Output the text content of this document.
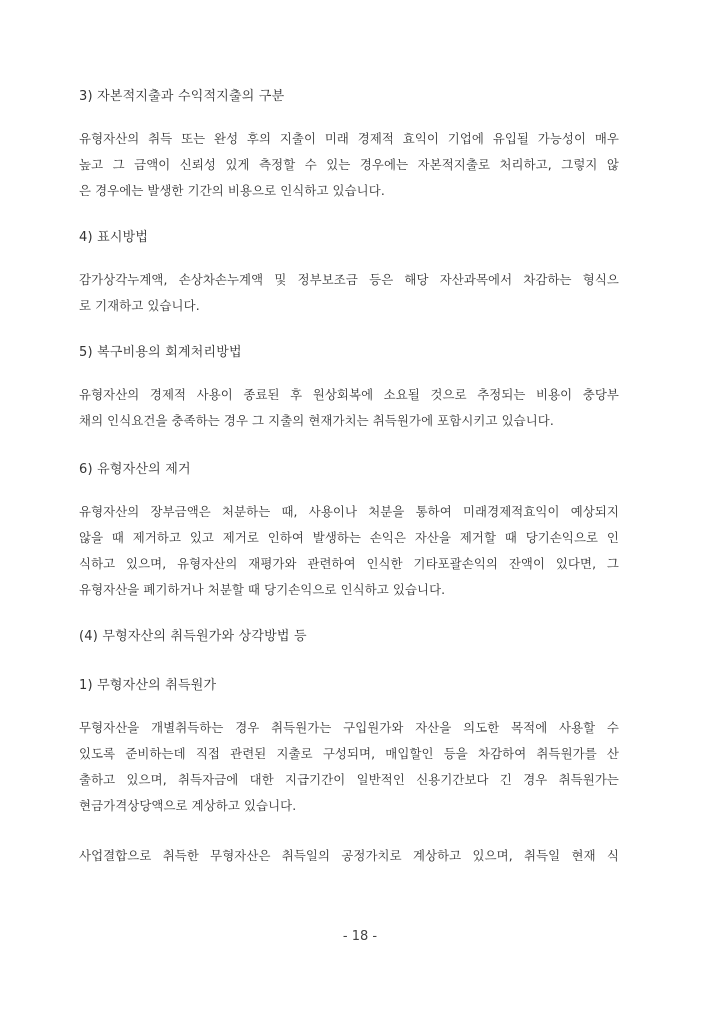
3) 자본적지출과 수익적지출의 구분
유형자산의 취득 또는 완성 후의 지출이 미래 경제적 효익이 기업에 유입될 가능성이 매우
높고 그 금액이 신뢰성 있게 측정할 수 있는 경우에는 자본적지출로 처리하고, 그렇지 않
은 경우에는 발생한 기간의 비용으로 인식하고 있습니다.
4) 표시방법
감가상각누계액, 손상차손누계액 및 정부보조금 등은 해당 자산과목에서 차감하는 형식으
로 기재하고 있습니다.
5) 복구비용의 회계처리방법
유형자산의 경제적 사용이 종료된 후 원상회복에 소요될 것으로 추정되는 비용이 충당부
채의 인식요건을 충족하는 경우 그 지출의 현재가치는 취득원가에 포함시키고 있습니다.
6) 유형자산의 제거
유형자산의 장부금액은 처분하는 때, 사용이나 처분을 통하여 미래경제적효익이 예상되지
않을 때 제거하고 있고 제거로 인하여 발생하는 손익은 자산을 제거할 때 당기손익으로 인
식하고 있으며, 유형자산의 재평가와 관련하여 인식한 기타포괄손익의 잔액이 있다면, 그
유형자산을 폐기하거나 처분할 때 당기손익으로 인식하고 있습니다.
(4) 무형자산의 취득원가와 상각방법 등
1) 무형자산의 취득원가
무형자산을 개별취득하는 경우 취득원가는 구입원가와 자산을 의도한 목적에 사용할 수
있도록 준비하는데 직접 관련된 지출로 구성되며, 매입할인 등을 차감하여 취득원가를 산
출하고 있으며, 취득자금에 대한 지급기간이 일반적인 신용기간보다 긴 경우 취득원가는
현금가격상당액으로 계상하고 있습니다.
사업결합으로 취득한 무형자산은 취득일의 공정가치로 계상하고 있으며, 취득일 현재 식
- 18 -
